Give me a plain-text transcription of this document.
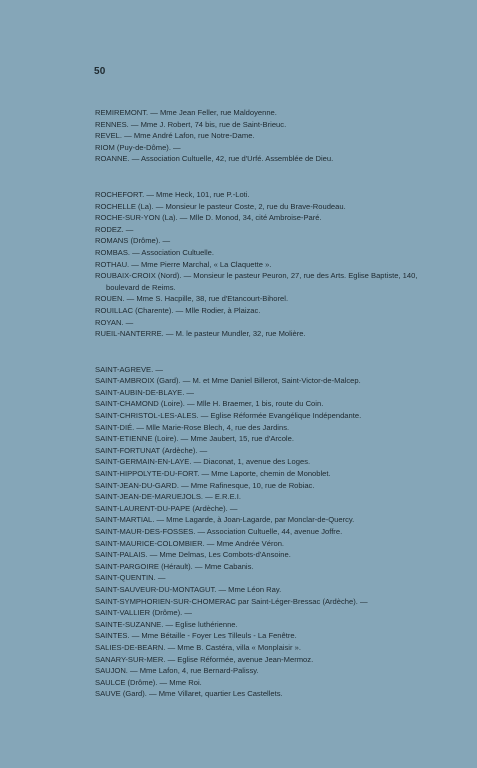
50
REMIREMONT. — Mme Jean Feller, rue Maldoyenne.
RENNES. — Mme J. Robert, 74 bis, rue de Saint-Brieuc.
REVEL. — Mme André Lafon, rue Notre-Dame.
RIOM (Puy-de-Dôme). —
ROANNE. — Association Cultuelle, 42, rue d'Urfé. Assemblée de Dieu.
ROCHEFORT. — Mme Heck, 101, rue P.-Loti.
ROCHELLE (La). — Monsieur le pasteur Coste, 2, rue du Brave-Roudeau.
ROCHE-SUR-YON (La). — Mlle D. Monod, 34, cité Ambroise-Paré.
RODEZ. —
ROMANS (Drôme). —
ROMBAS. — Association Cultuelle.
ROTHAU. — Mme Pierre Marchal, « La Claquette ».
ROUBAIX-CROIX (Nord). — Monsieur le pasteur Peuron, 27, rue des Arts. Eglise Baptiste, 140, boulevard de Reims.
ROUEN. — Mme S. Hacpille, 38, rue d'Etancourt-Bihorel.
ROUILLAC (Charente). — Mlle Rodier, à Plaizac.
ROYAN. —
RUEIL-NANTERRE. — M. le pasteur Mundler, 32, rue Molière.
SAINT-AGREVE. —
SAINT-AMBROIX (Gard). — M. et Mme Daniel Billerot, Saint-Victor-de-Malcep.
SAINT-AUBIN-DE-BLAYE. —
SAINT-CHAMOND (Loire). — Mlle H. Braemer, 1 bis, route du Coin.
SAINT-CHRISTOL-LES-ALES. — Eglise Réformée Evangélique Indépendante.
SAINT-DIÉ. — Mlle Marie-Rose Blech, 4, rue des Jardins.
SAINT-ETIENNE (Loire). — Mme Jaubert, 15, rue d'Arcole.
SAINT-FORTUNAT (Ardèche). —
SAINT-GERMAIN-EN-LAYE. — Diaconat, 1, avenue des Loges.
SAINT-HIPPOLYTE-DU-FORT. — Mme Laporte, chemin de Monoblet.
SAINT-JEAN-DU-GARD. — Mme Rafinesque, 10, rue de Robiac.
SAINT-JEAN-DE-MARUEJOLS. — E.R.E.I.
SAINT-LAURENT-DU-PAPE (Ardèche). —
SAINT-MARTIAL. — Mme Lagarde, à Joan-Lagarde, par Monclar-de-Quercy.
SAINT-MAUR-DES-FOSSES. — Association Cultuelle, 44, avenue Joffre.
SAINT-MAURICE-COLOMBIER. — Mme Andrée Véron.
SAINT-PALAIS. — Mme Delmas, Les Combots-d'Ansoine.
SAINT-PARGOIRE (Hérault). — Mme Cabanis.
SAINT-QUENTIN. —
SAINT-SAUVEUR-DU-MONTAGUT. — Mme Léon Ray.
SAINT-SYMPHORIEN-SUR-CHOMERAC par Saint-Léger-Bressac (Ardèche). —
SAINT-VALLIER (Drôme). —
SAINTE-SUZANNE. — Eglise luthérienne.
SAINTES. — Mme Bétaille - Foyer Les Tilleuls - La Fenêtre.
SALIES-DE-BEARN. — Mme B. Castéra, villa « Monplaisir ».
SANARY-SUR-MER. — Eglise Réformée, avenue Jean-Mermoz.
SAUJON. — Mme Lafon, 4, rue Bernard-Palissy.
SAULCE (Drôme). — Mme Roi.
SAUVE (Gard). — Mme Villaret, quartier Les Castellets.
